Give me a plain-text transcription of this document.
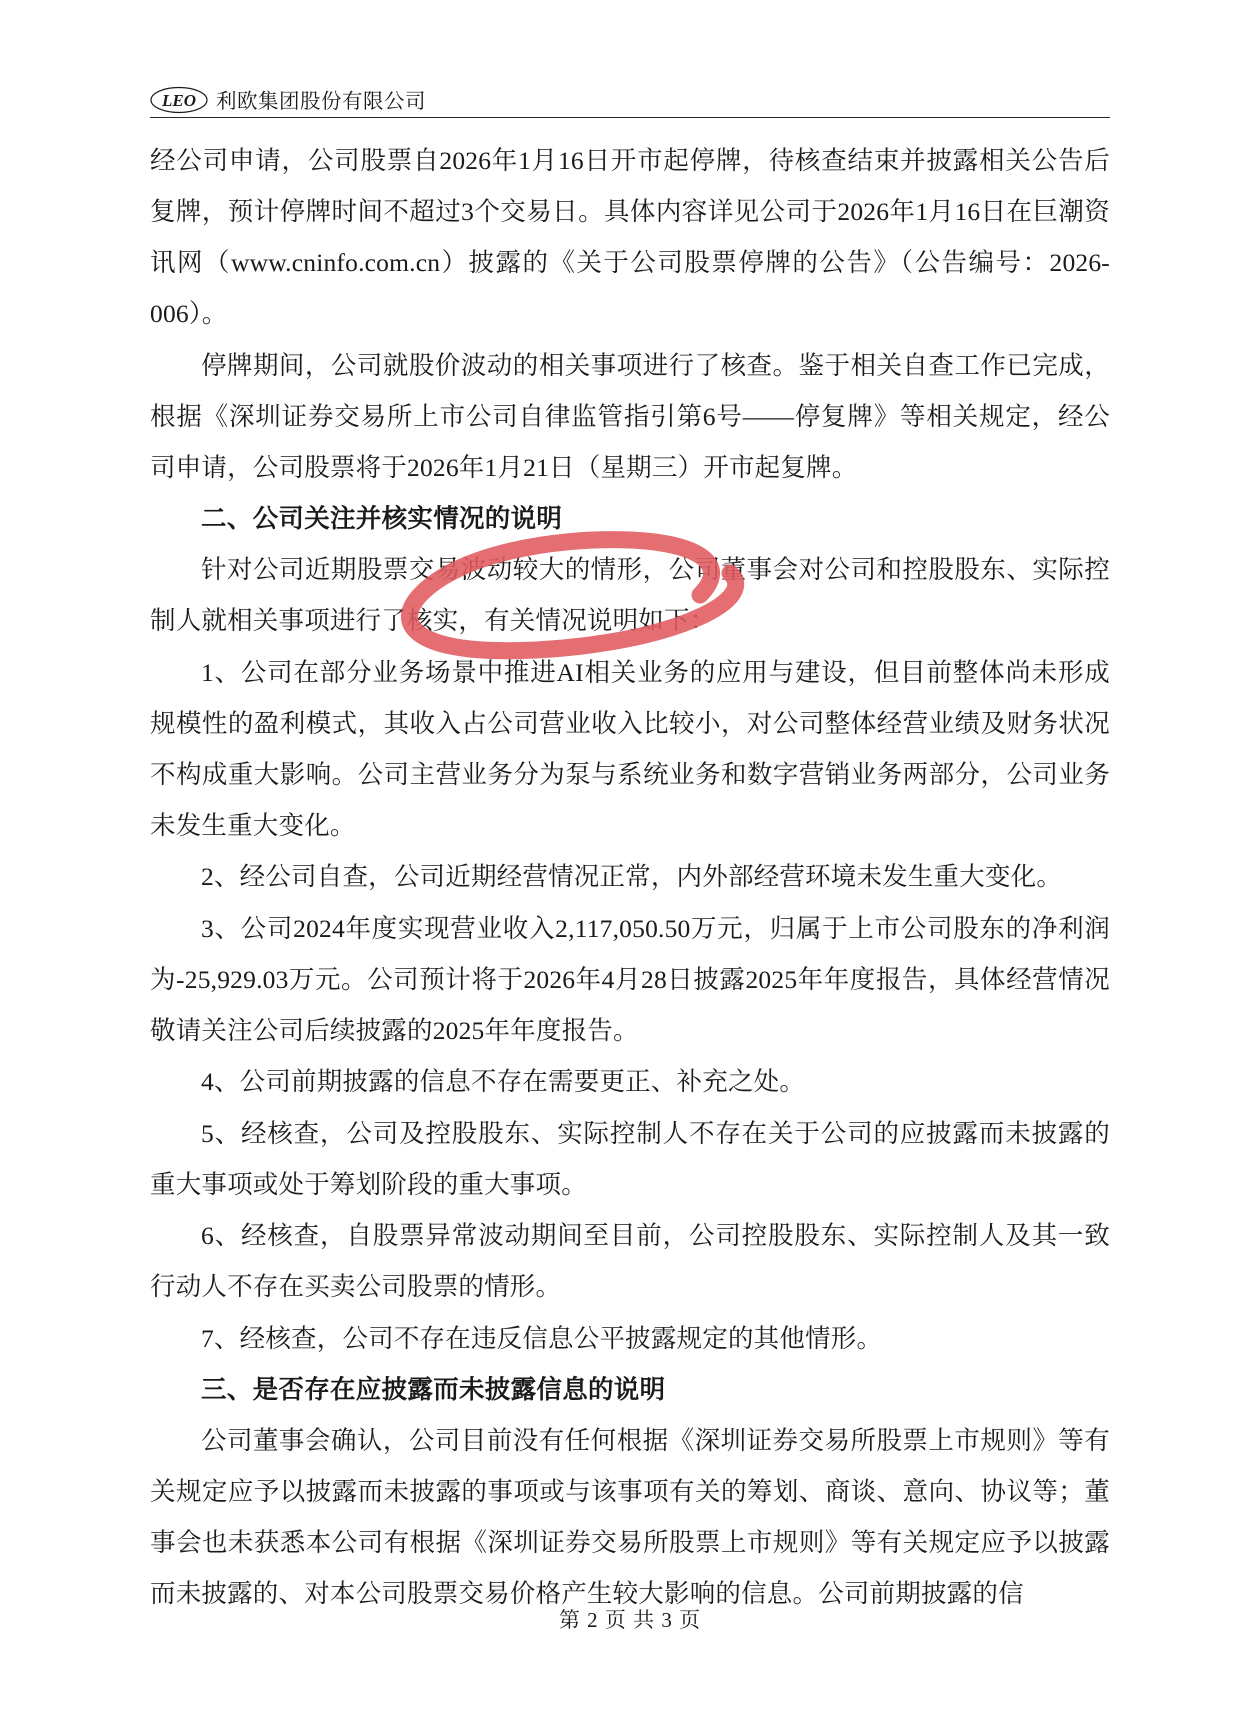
LEO 利欧集团股份有限公司

经公司申请，公司股票自2026年1月16日开市起停牌，待核查结束并披露相关公告后复牌，预计停牌时间不超过3个交易日。具体内容详见公司于2026年1月16日在巨潮资讯网（www.cninfo.com.cn）披露的《关于公司股票停牌的公告》（公告编号：2026-006）。

停牌期间，公司就股价波动的相关事项进行了核查。鉴于相关自查工作已完成，根据《深圳证券交易所上市公司自律监管指引第6号——停复牌》等相关规定，经公司申请，公司股票将于2026年1月21日（星期三）开市起复牌。

二、公司关注并核实情况的说明

针对公司近期股票交易波动较大的情形，公司董事会对公司和控股股东、实际控制人就相关事项进行了核实，有关情况说明如下：

1、公司在部分业务场景中推进AI相关业务的应用与建设，但目前整体尚未形成规模性的盈利模式，其收入占公司营业收入比较小，对公司整体经营业绩及财务状况不构成重大影响。公司主营业务分为泵与系统业务和数字营销业务两部分，公司业务未发生重大变化。

2、经公司自查，公司近期经营情况正常，内外部经营环境未发生重大变化。

3、公司2024年度实现营业收入2,117,050.50万元，归属于上市公司股东的净利润为-25,929.03万元。公司预计将于2026年4月28日披露2025年年度报告，具体经营情况敬请关注公司后续披露的2025年年度报告。

4、公司前期披露的信息不存在需要更正、补充之处。

5、经核查，公司及控股股东、实际控制人不存在关于公司的应披露而未披露的重大事项或处于筹划阶段的重大事项。

6、经核查，自股票异常波动期间至目前，公司控股股东、实际控制人及其一致行动人不存在买卖公司股票的情形。

7、经核查，公司不存在违反信息公平披露规定的其他情形。

三、是否存在应披露而未披露信息的说明

公司董事会确认，公司目前没有任何根据《深圳证券交易所股票上市规则》等有关规定应予以披露而未披露的事项或与该事项有关的筹划、商谈、意向、协议等；董事会也未获悉本公司有根据《深圳证券交易所股票上市规则》等有关规定应予以披露而未披露的、对本公司股票交易价格产生较大影响的信息。公司前期披露的信

第 2 页 共 3 页
